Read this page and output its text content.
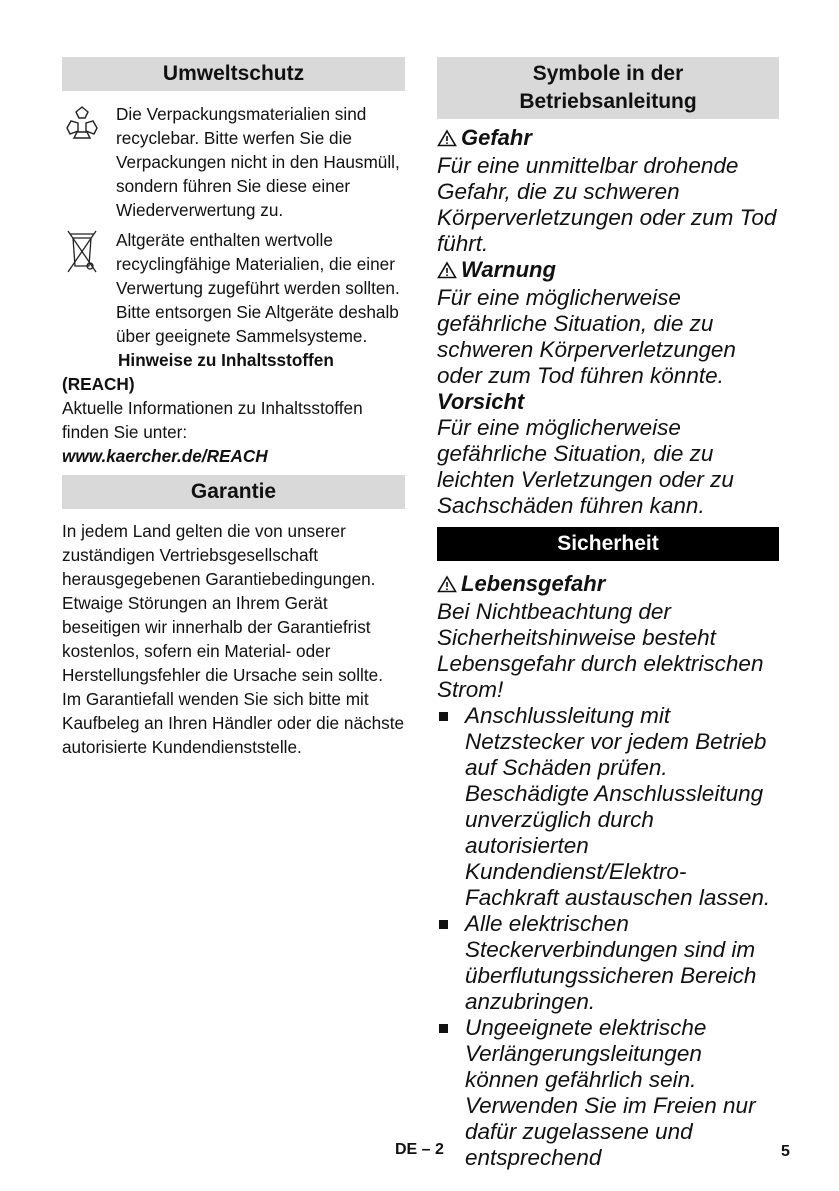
Umweltschutz
Die Verpackungsmaterialien sind recyclebar. Bitte werfen Sie die Verpackungen nicht in den Hausmüll, sondern führen Sie diese einer Wiederverwertung zu.
Altgeräte enthalten wertvolle recyclingfähige Materialien, die einer Verwertung zugeführt werden sollten. Bitte entsorgen Sie Altgeräte deshalb über geeignete Sammelsysteme.
Hinweise zu Inhaltsstoffen
(REACH)
Aktuelle Informationen zu Inhaltsstoffen finden Sie unter:
www.kaercher.de/REACH
Garantie
In jedem Land gelten die von unserer zuständigen Vertriebsgesellschaft herausgegebenen Garantiebedingungen. Etwaige Störungen an Ihrem Gerät beseitigen wir innerhalb der Garantiefrist kostenlos, sofern ein Material- oder Herstellungsfehler die Ursache sein sollte. Im Garantiefall wenden Sie sich bitte mit Kaufbeleg an Ihren Händler oder die nächste autorisierte Kundendienststelle.
Symbole in der
Betriebsanleitung
Gefahr
Für eine unmittelbar drohende Gefahr, die zu schweren Körperverletzungen oder zum Tod führt.
Warnung
Für eine möglicherweise gefährliche Situation, die zu schweren Körperverletzungen oder zum Tod führen könnte.
Vorsicht
Für eine möglicherweise gefährliche Situation, die zu leichten Verletzungen oder zu Sachschäden führen kann.
Sicherheit
Lebensgefahr
Bei Nichtbeachtung der Sicherheitshinweise besteht Lebensgefahr durch elektrischen Strom!
Anschlussleitung mit Netzstecker vor jedem Betrieb auf Schäden prüfen. Beschädigte Anschlussleitung unverzüglich durch autorisierten Kundendienst/Elektro-Fachkraft austauschen lassen.
Alle elektrischen Steckerverbindungen sind im überflutungssicheren Bereich anzubringen.
Ungeeignete elektrische Verlängerungsleitungen können gefährlich sein. Verwenden Sie im Freien nur dafür zugelassene und entsprechend
DE – 2	5
